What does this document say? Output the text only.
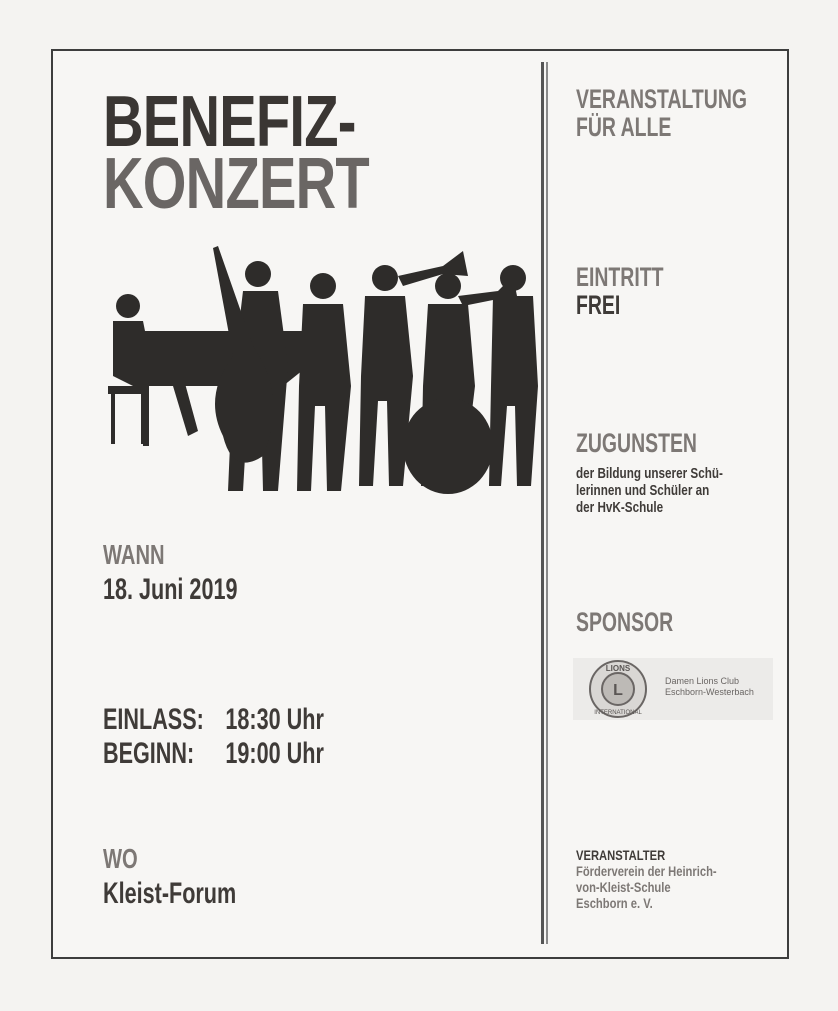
BENEFIZ-
KONZERT
WANN
18. Juni 2019
EINLASS: 18:30 Uhr
BEGINN: 19:00 Uhr
WO
Kleist-Forum
VERANSTALTUNG
FÜR ALLE
EINTRITT
FREI
ZUGUNSTEN
der Bildung unserer Schü-
lerinnen und Schüler an
der HvK-Schule
SPONSOR
LIONS
L
INTERNATIONAL
Damen Lions Club
Eschborn-Westerbach
VERANSTALTER
Förderverein der Heinrich-
von-Kleist-Schule
Eschborn e. V.
